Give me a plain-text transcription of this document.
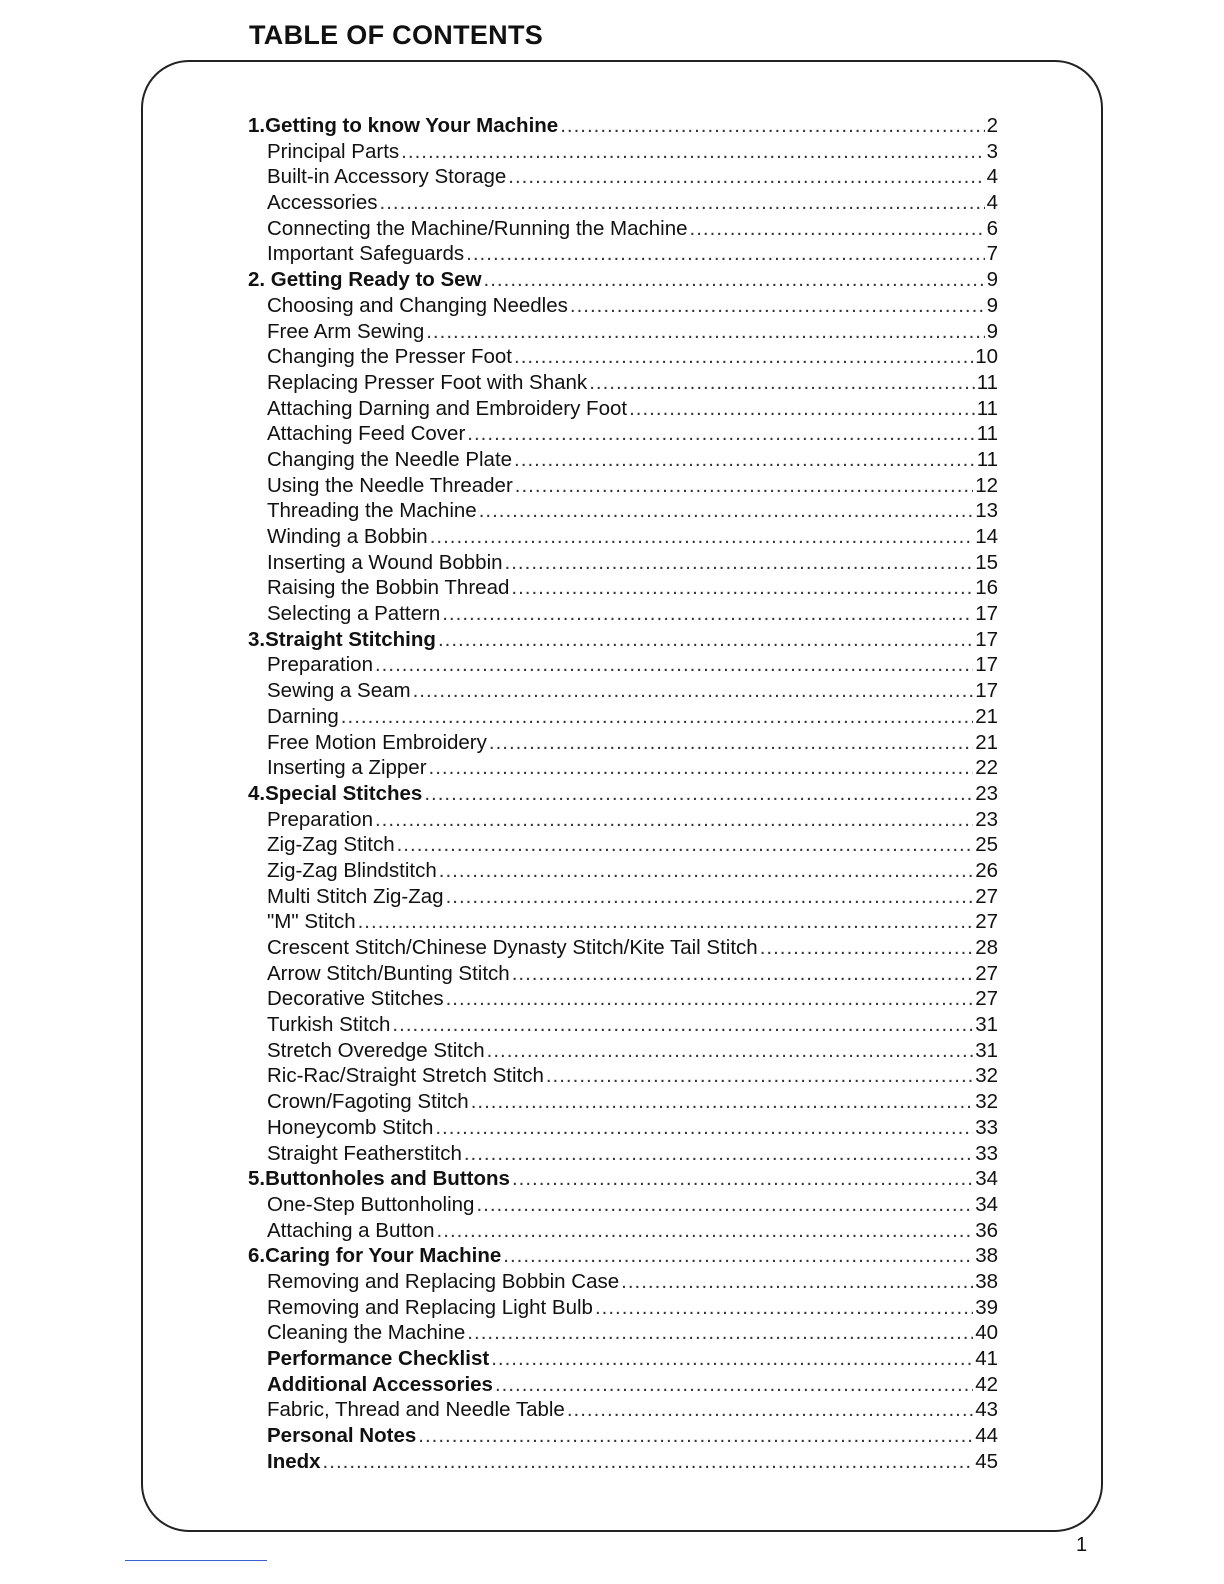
TABLE OF CONTENTS
1.Getting to know Your Machine .....	2
Principal Parts .....	3
Built-in Accessory Storage .....	4
Accessories .....	4
Connecting the Machine/Running the Machine .....	6
Important Safeguards .....	7
2. Getting Ready to Sew .....	9
Choosing and Changing Needles .....	9
Free Arm Sewing .....	9
Changing the Presser Foot .....	10
Replacing Presser Foot with Shank .....	11
Attaching Darning and Embroidery Foot .....	11
Attaching Feed Cover .....	11
Changing the Needle Plate .....	11
Using the Needle Threader .....	12
Threading the Machine .....	13
Winding a Bobbin .....	14
Inserting a Wound Bobbin .....	15
Raising the Bobbin Thread .....	16
Selecting a Pattern .....	17
3.Straight Stitching .....	17
Preparation .....	17
Sewing a Seam .....	17
Darning .....	21
Free Motion Embroidery .....	21
Inserting a Zipper .....	22
4.Special Stitches .....	23
Preparation .....	23
Zig-Zag Stitch .....	25
Zig-Zag Blindstitch .....	26
Multi Stitch Zig-Zag .....	27
"M" Stitch .....	27
Crescent Stitch/Chinese Dynasty Stitch/Kite Tail Stitch .....	28
Arrow Stitch/Bunting Stitch .....	27
Decorative Stitches .....	27
Turkish Stitch .....	31
Stretch Overedge Stitch .....	31
Ric-Rac/Straight Stretch Stitch .....	32
Crown/Fagoting Stitch .....	32
Honeycomb Stitch .....	33
Straight Featherstitch .....	33
5.Buttonholes and Buttons .....	34
One-Step Buttonholing .....	34
Attaching a Button .....	36
6.Caring for Your Machine .....	38
Removing and Replacing Bobbin Case .....	38
Removing and Replacing Light Bulb .....	39
Cleaning the Machine .....	40
Performance Checklist .....	41
Additional Accessories .....	42
Fabric, Thread and Needle Table .....	43
Personal Notes .....	44
Inedx .....	45
1
